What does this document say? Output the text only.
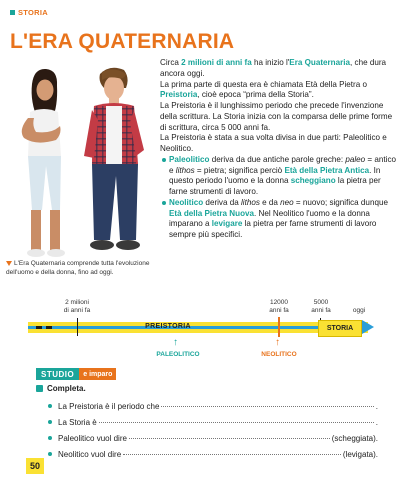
STORIA
L'ERA QUATERNARIA
L'Era Quaternaria comprende tutta l'evoluzione dell'uomo e della donna, fino ad oggi.

Circa 2 milioni di anni fa ha inizio l'Era Quaternaria, che dura ancora oggi.

La prima parte di questa era è chiamata Età della Pietra o Preistoria, cioè epoca “prima della Storia”.

La Preistoria è il lunghissimo periodo che precede l'invenzione della scrittura. La Storia inizia con la comparsa delle prime forme di scrittura, circa 5 000 anni fa.

La Preistoria è stata a sua volta divisa in due parti: Paleolitico e Neolitico.

Paleolitico deriva da due antiche parole greche: paleo = antico e lithos = pietra; significa perciò Età della Pietra Antica. In questo periodo l'uomo e la donna scheggiano la pietra per farne strumenti di lavoro.
Neolitico deriva da lithos e da neo = nuovo; significa dunque Età della Pietra Nuova. Nel Neolitico l'uomo e la donna imparano a levigare la pietra per farne strumenti di lavoro sempre più specifici.
2 milioni
di anni fa
12000
anni fa
5000
anni fa	oggi
STORIA
PREISTORIA
↑
PALEOLITICO
↑
NEOLITICO
STUDIO	e imparo
Completa.
La Preistoria è il periodo che	.
La Storia è	.
Paleolitico vuol dire	(scheggiata).
Neolitico vuol dire	(levigata).
50
